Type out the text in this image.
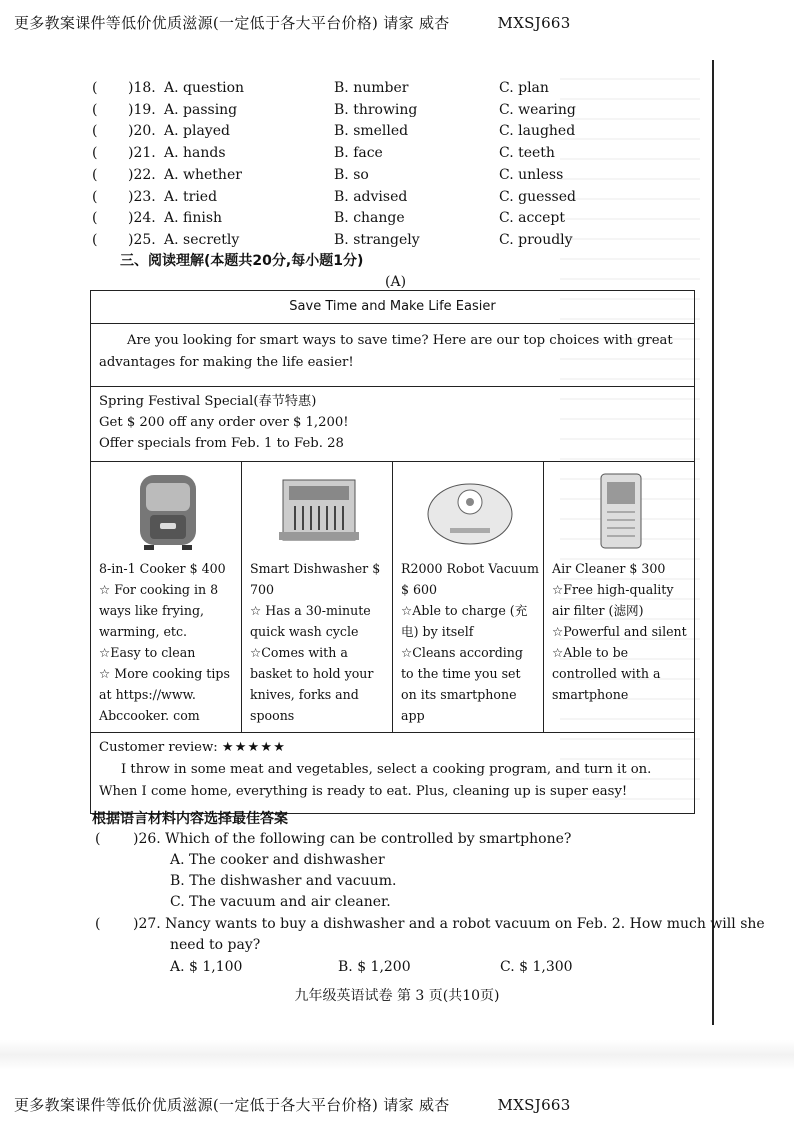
更多教案课件等低价优质滋源(一定低于各大平台价格) 请家 威杏	MXSJ663
( )18. A. question	B. number	C. plan
( )19. A. passing	B. throwing	C. wearing
( )20. A. played	B. smelled	C. laughed
( )21. A. hands	B. face	C. teeth
( )22. A. whether	B. so	C. unless
( )23. A. tried	B. advised	C. guessed
( )24. A. finish	B. change	C. accept
( )25. A. secretly	B. strangely	C. proudly
三、阅读理解(本题共20分,每小题1分)
(A)
Save Time and Make Life Easier
Are you looking for smart ways to save time? Here are our top choices with great advantages for making the life easier!
Spring Festival Special(春节特惠)
Get $ 200 off any order over $ 1,200!
Offer specials from Feb. 1 to Feb. 28
8-in-1 Cooker $ 400
☆ For cooking in 8 ways like frying, warming, etc.
☆Easy to clean
☆ More cooking tips at https://www. Abccooker. com
Smart Dishwasher $ 700
☆ Has a 30-minute quick wash cycle
☆Comes with a basket to hold your knives, forks and spoons
R2000 Robot Vacuum $ 600
☆Able to charge (充电) by itself
☆Cleans according to the time you set on its smartphone app
Air Cleaner $ 300
☆Free high-quality air filter (滤网)
☆Powerful and silent
☆Able to be controlled with a smartphone
Customer review: ★★★★★
I throw in some meat and vegetables, select a cooking program, and turn it on. When I come home, everything is ready to eat. Plus, cleaning up is super easy!
根据语言材料内容选择最佳答案
( )26. Which of the following can be controlled by smartphone?
A. The cooker and dishwasher
B. The dishwasher and vacuum.
C. The vacuum and air cleaner.
( )27. Nancy wants to buy a dishwasher and a robot vacuum on Feb. 2. How much will she
need to pay?
A. $ 1,100	B. $ 1,200	C. $ 1,300
九年级英语试卷 第 3 页(共10页)
更多教案课件等低价优质滋源(一定低于各大平台价格) 请家 威杏	MXSJ663
